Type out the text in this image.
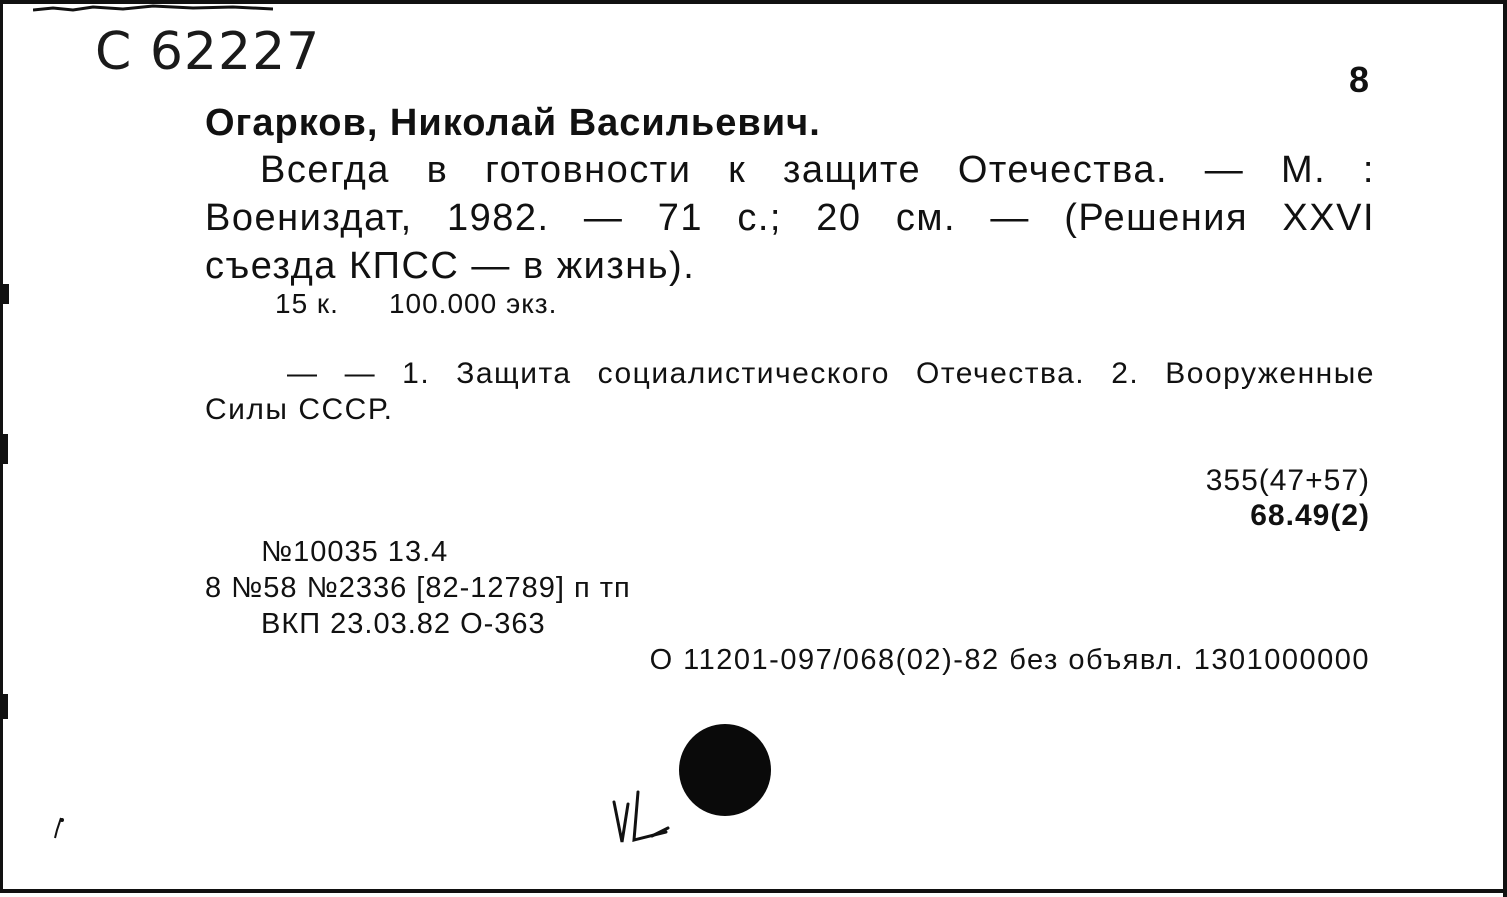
С 62227	8
Огарков, Николай Васильевич.
Всегда в готовности к защите Отечества. — М. :
Воениздат, 1982. — 71 с.; 20 см. — (Решения XXVI
съезда КПСС — в жизнь).
15 к. 100.000 экз.
— — 1. Защита социалистического Отечества. 2. Вооруженные
Силы СССР.
355(47+57)
68.49(2)
№10035 13.4
8 №58 №2336 [82-12789] п тп
ВКП 23.03.82 О-363
О 11201-097/068(02)-82 без объявл. 1301000000
